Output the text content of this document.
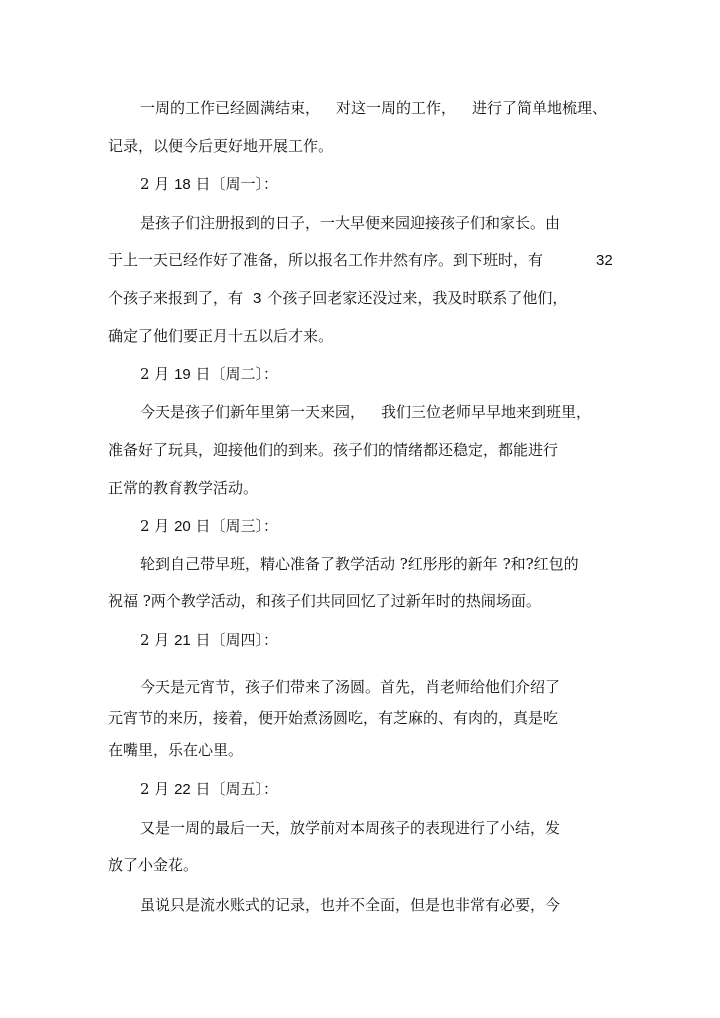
一周的工作已经圆满结束， 对这一周的工作， 进行了简单地梳理、
记录，以便今后更好地开展工作。
2 月 18 日〔周一〕：
是孩子们注册报到的日子，一大早便来园迎接孩子们和家长。由
于上一天已经作好了准备，所以报名工作井然有序。到下班时，有	32
个孩子来报到了，有 3 个孩子回老家还没过来，我及时联系了他们，
确定了他们要正月十五以后才来。
2 月 19 日〔周二〕：
今天是孩子们新年里第一天来园， 我们三位老师早早地来到班里，
准备好了玩具，迎接他们的到来。孩子们的情绪都还稳定，都能进行
正常的教育教学活动。
2 月 20 日〔周三〕：
轮到自己带早班，精心准备了教学活动 ?红彤彤的新年 ?和?红包的
祝福 ?两个教学活动，和孩子们共同回忆了过新年时的热闹场面。
2 月 21 日〔周四〕：
今天是元宵节，孩子们带来了汤圆。首先，肖老师给他们介绍了
元宵节的来历，接着，便开始煮汤圆吃，有芝麻的、有肉的，真是吃
在嘴里，乐在心里。
2 月 22 日〔周五〕：
又是一周的最后一天，放学前对本周孩子的表现进行了小结，发
放了小金花。
虽说只是流水账式的记录，也并不全面，但是也非常有必要，今
